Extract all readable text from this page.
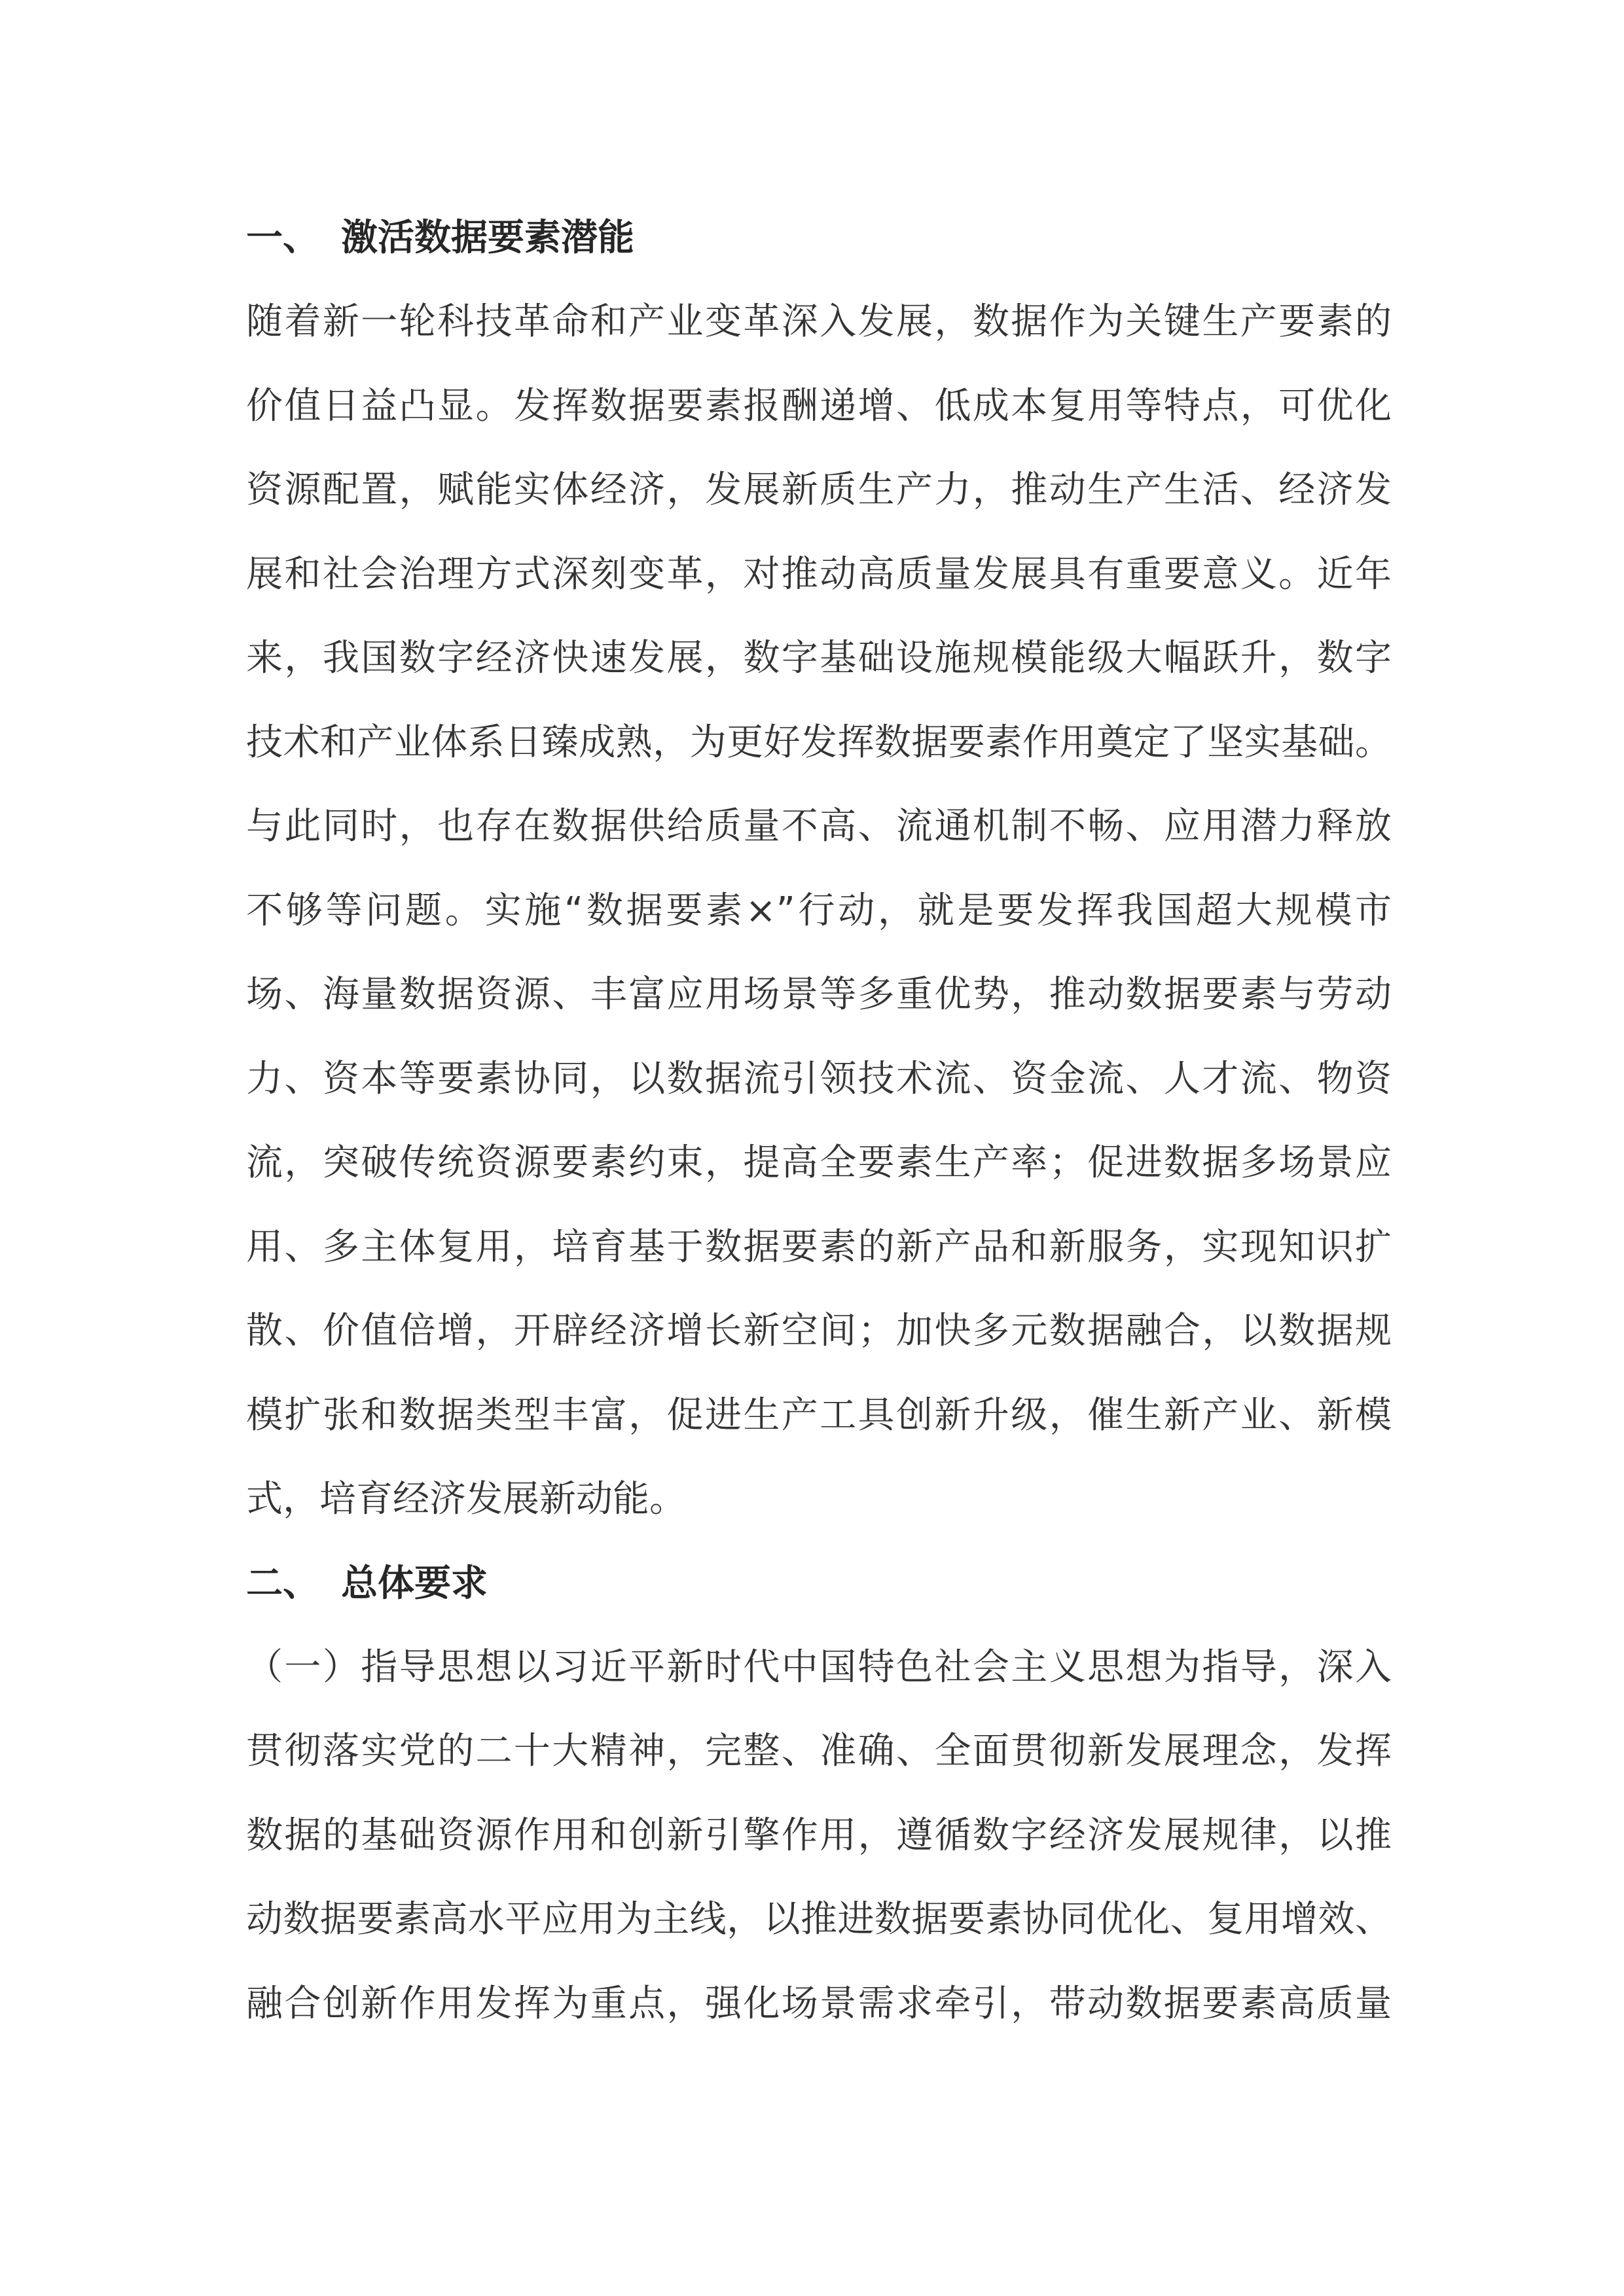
一、 激活数据要素潜能
随着新一轮科技革命和产业变革深入发展，数据作为关键生产要素的
价值日益凸显。发挥数据要素报酬递增、低成本复用等特点，可优化
资源配置，赋能实体经济，发展新质生产力，推动生产生活、经济发
展和社会治理方式深刻变革，对推动高质量发展具有重要意义。近年
来，我国数字经济快速发展，数字基础设施规模能级大幅跃升，数字
技术和产业体系日臻成熟，为更好发挥数据要素作用奠定了坚实基础。
与此同时，也存在数据供给质量不高、流通机制不畅、应用潜力释放
不够等问题。实施“数据要素×”行动，就是要发挥我国超大规模市
场、海量数据资源、丰富应用场景等多重优势，推动数据要素与劳动
力、资本等要素协同，以数据流引领技术流、资金流、人才流、物资
流，突破传统资源要素约束，提高全要素生产率；促进数据多场景应
用、多主体复用，培育基于数据要素的新产品和新服务，实现知识扩
散、价值倍增，开辟经济增长新空间；加快多元数据融合，以数据规
模扩张和数据类型丰富，促进生产工具创新升级，催生新产业、新模
式，培育经济发展新动能。
二、 总体要求
（一）指导思想以习近平新时代中国特色社会主义思想为指导，深入
贯彻落实党的二十大精神，完整、准确、全面贯彻新发展理念，发挥
数据的基础资源作用和创新引擎作用，遵循数字经济发展规律，以推
动数据要素高水平应用为主线，以推进数据要素协同优化、复用增效、
融合创新作用发挥为重点，强化场景需求牵引，带动数据要素高质量
